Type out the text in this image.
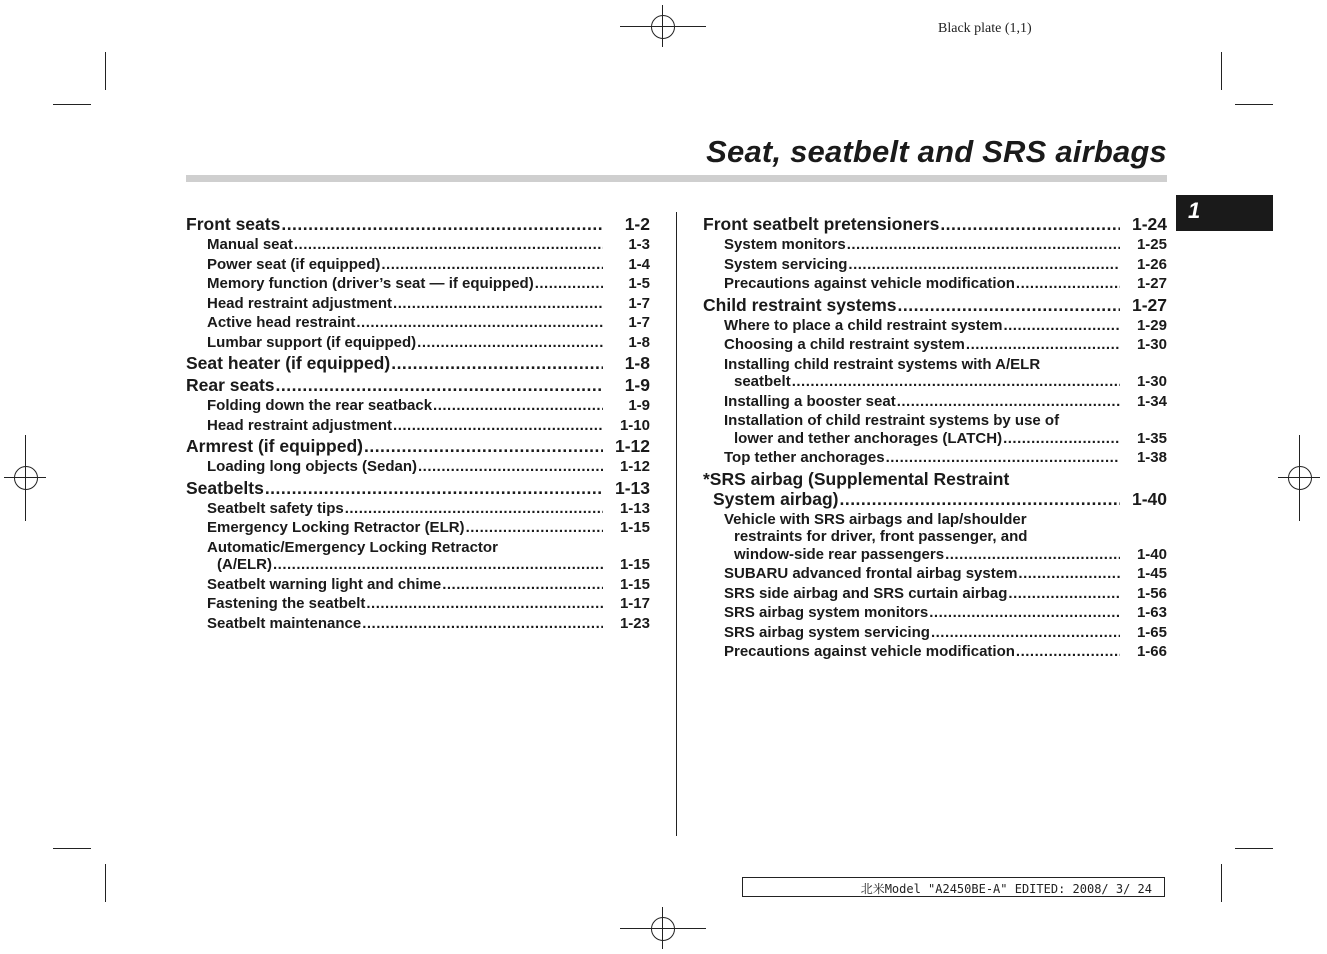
Black plate (1,1)
Seat, seatbelt and SRS airbags
1
Front seats .....	1-2
Manual seat .....	1-3
Power seat (if equipped) .....	1-4
Memory function (driver’s seat — if equipped) .....	1-5
Head restraint adjustment .....	1-7
Active head restraint .....	1-7
Lumbar support (if equipped) .....	1-8
Seat heater (if equipped) .....	1-8
Rear seats .....	1-9
Folding down the rear seatback .....	1-9
Head restraint adjustment .....	1-10
Armrest (if equipped) .....	1-12
Loading long objects (Sedan) .....	1-12
Seatbelts .....	1-13
Seatbelt safety tips .....	1-13
Emergency Locking Retractor (ELR) .....	1-15
Automatic/Emergency Locking Retractor
(A/ELR) .....	1-15
Seatbelt warning light and chime .....	1-15
Fastening the seatbelt .....	1-17
Seatbelt maintenance .....	1-23
Front seatbelt pretensioners .....	1-24
System monitors .....	1-25
System servicing .....	1-26
Precautions against vehicle modification .....	1-27
Child restraint systems .....	1-27
Where to place a child restraint system .....	1-29
Choosing a child restraint system .....	1-30
Installing child restraint systems with A/ELR
seatbelt .....	1-30
Installing a booster seat .....	1-34
Installation of child restraint systems by use of
lower and tether anchorages (LATCH) .....	1-35
Top tether anchorages .....	1-38
*SRS airbag (Supplemental Restraint
System airbag) .....	1-40
Vehicle with SRS airbags and lap/shoulder
restraints for driver, front passenger, and
window-side rear passengers .....	1-40
SUBARU advanced frontal airbag system .....	1-45
SRS side airbag and SRS curtain airbag .....	1-56
SRS airbag system monitors .....	1-63
SRS airbag system servicing .....	1-65
Precautions against vehicle modification .....	1-66
北米Model "A2450BE-A" EDITED: 2008/ 3/ 24
